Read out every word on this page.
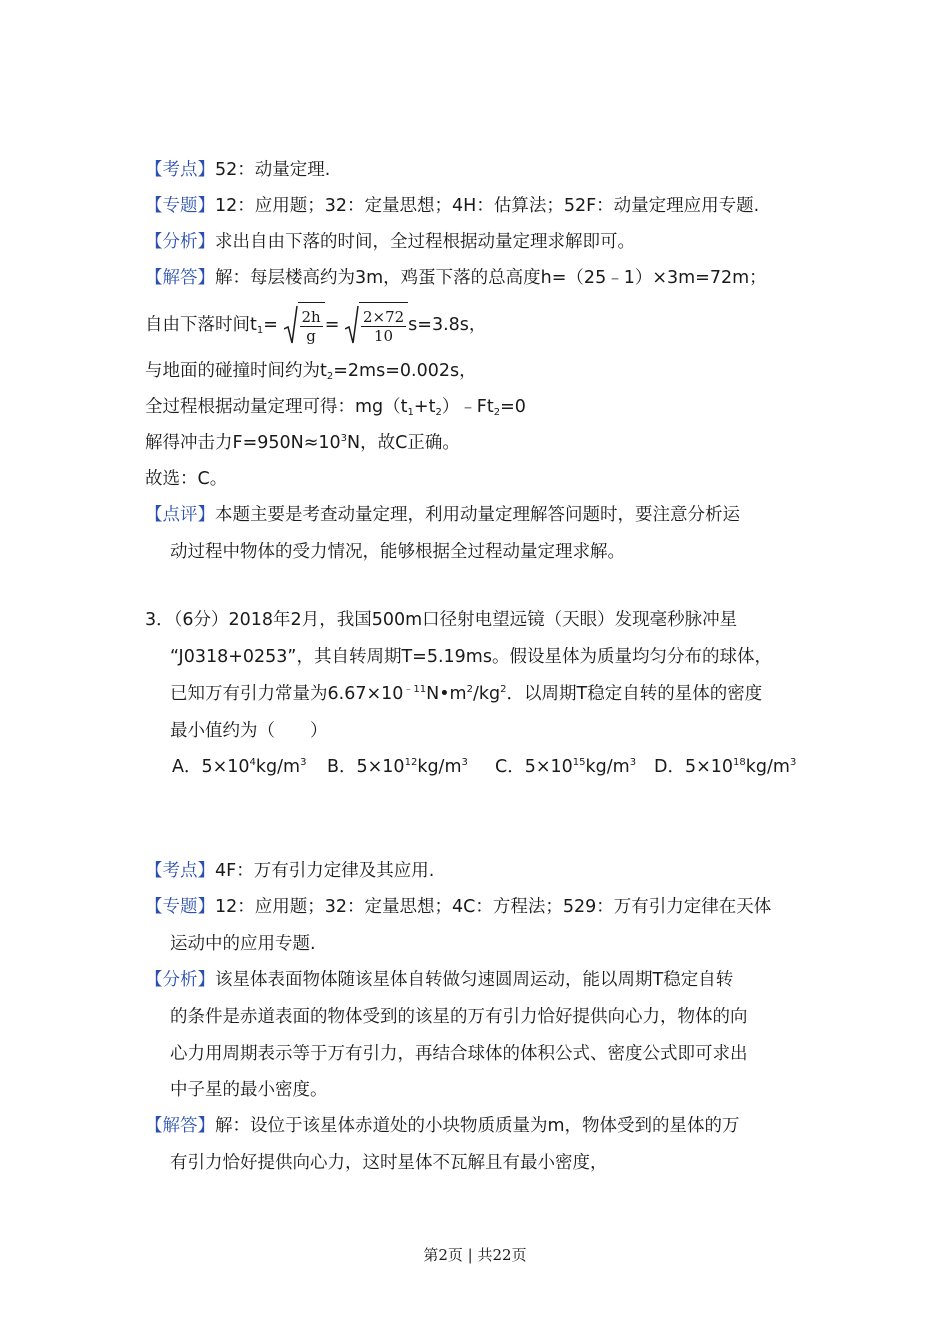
【考点】52：动量定理.
【专题】12：应用题；32：定量思想；4H：估算法；52F：动量定理应用专题.
【分析】求出自由下落的时间，全过程根据动量定理求解即可。
【解答】解：每层楼高约为3m，鸡蛋下落的总高度h=（25﹣1）×3m=72m；
自由下落时间$t_1= \frac{2h}{g} = \frac{2\times 72}{10} s=3.8s$，
与地面的碰撞时间约为$t_2=2ms=0.002s$，
全过程根据动量定理可得：$mg(t_1+t_2)﹣Ft_2=0$
解得冲击力$F=950N\approx 10^3N$，故C正确。
故选：C。
【点评】本题主要是考查动量定理，利用动量定理解答问题时，要注意分析运
动过程中物体的受力情况，能够根据全过程动量定理求解。
3．（6分）2018年2月，我国500m口径射电望远镜（天眼）发现毫秒脉冲星
“J0318+0253”，其自转周期T=5.19ms。假设星体为质量均匀分布的球体，
已知万有引力常量为$6.67\times 10^{﹣11}N•m^2/kg^2$．以周期T稳定自转的星体的密度
最小值约为（　　）
A．$5\times 10^4kg/m^3$ B．$5\times 10^{12}kg/m^3$ C．$5\times 10^{15}kg/m^3$ D．$5\times 10^{18}kg/m^3$
【考点】4F：万有引力定律及其应用.
【专题】12：应用题；32：定量思想；4C：方程法；529：万有引力定律在天体
运动中的应用专题.
【分析】该星体表面物体随该星体自转做匀速圆周运动，能以周期T稳定自转
的条件是赤道表面的物体受到的该星的万有引力恰好提供向心力，物体的向
心力用周期表示等于万有引力，再结合球体的体积公式、密度公式即可求出
中子星的最小密度。
【解答】解：设位于该星体赤道处的小块物质质量为m，物体受到的星体的万
有引力恰好提供向心力，这时星体不瓦解且有最小密度，
第2页 | 共22页
